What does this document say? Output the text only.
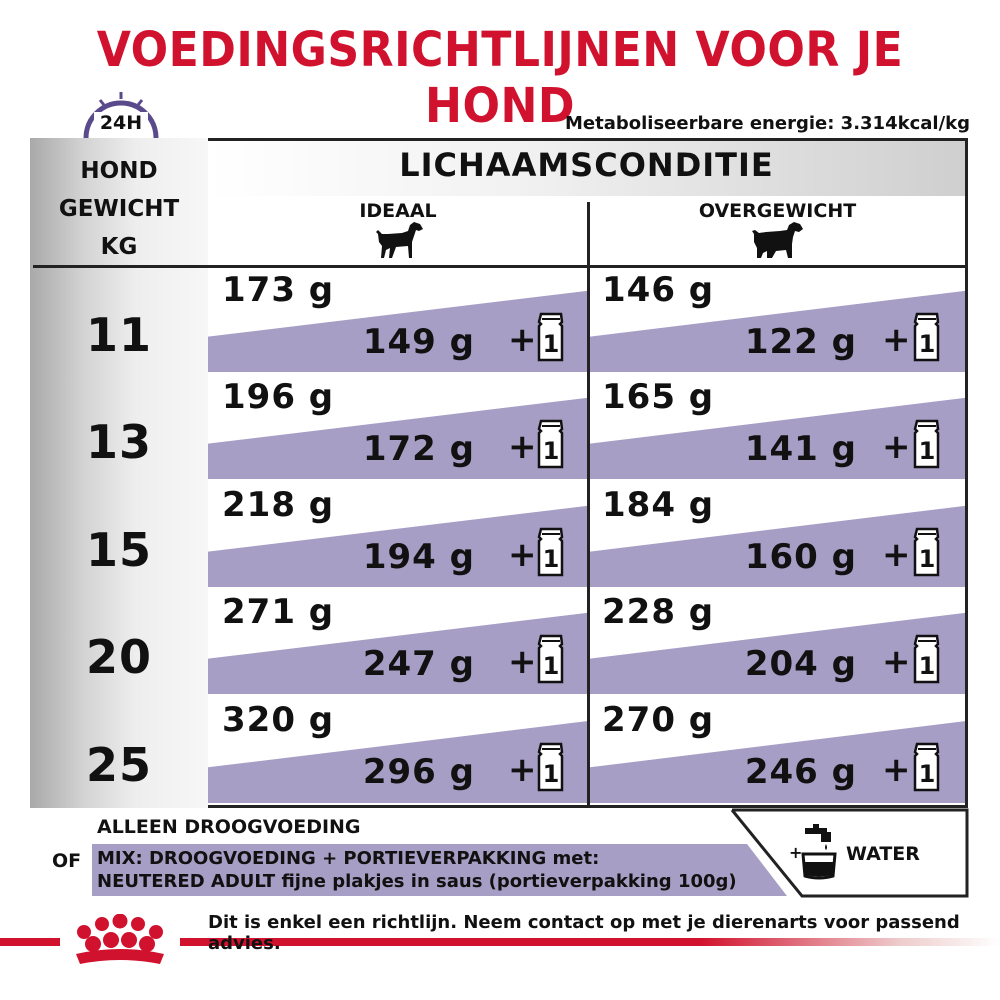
VOEDINGSRICHTLIJNEN VOOR JE HOND
24H	Metaboliseerbare energie: 3.314kcal/kg
HOND
GEWICHT
KG
LICHAAMSCONDITIE
IDEAAL	OVERGEWICHT
11
173 g
149 g + 1
146 g
122 g + 1
13
196 g
172 g + 1
165 g
141 g + 1
15
218 g
194 g + 1
184 g
160 g + 1
20
271 g
247 g + 1
228 g
204 g + 1
25
320 g
296 g + 1
270 g
246 g + 1
ALLEEN DROOGVOEDING
OF MIX: DROOGVOEDING + PORTIEVERPAKKING met:
NEUTERED ADULT fijne plakjes in saus (portieverpakking 100g)
+ WATER
Dit is enkel een richtlijn. Neem contact op met je dierenarts voor passend advies.
